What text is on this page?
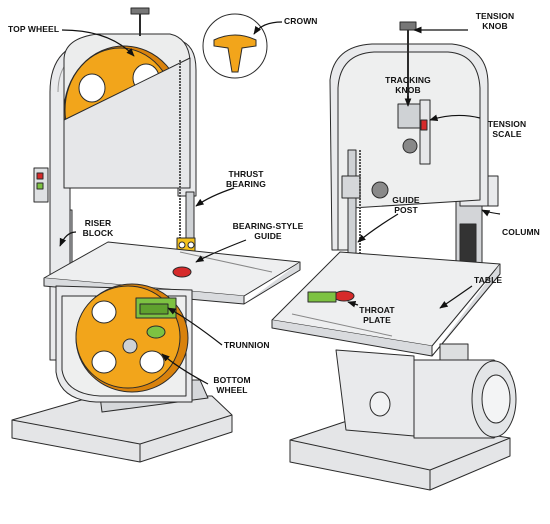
TOP WHEEL
CROWN
THRUST
BEARING
RISER
BLOCK
BEARING-STYLE
GUIDE
TRUNNION
BOTTOM
WHEEL
TENSION
KNOB
TRACKING
KNOB
TENSION
SCALE
GUIDE
POST
COLUMN
TABLE
THROAT
PLATE
